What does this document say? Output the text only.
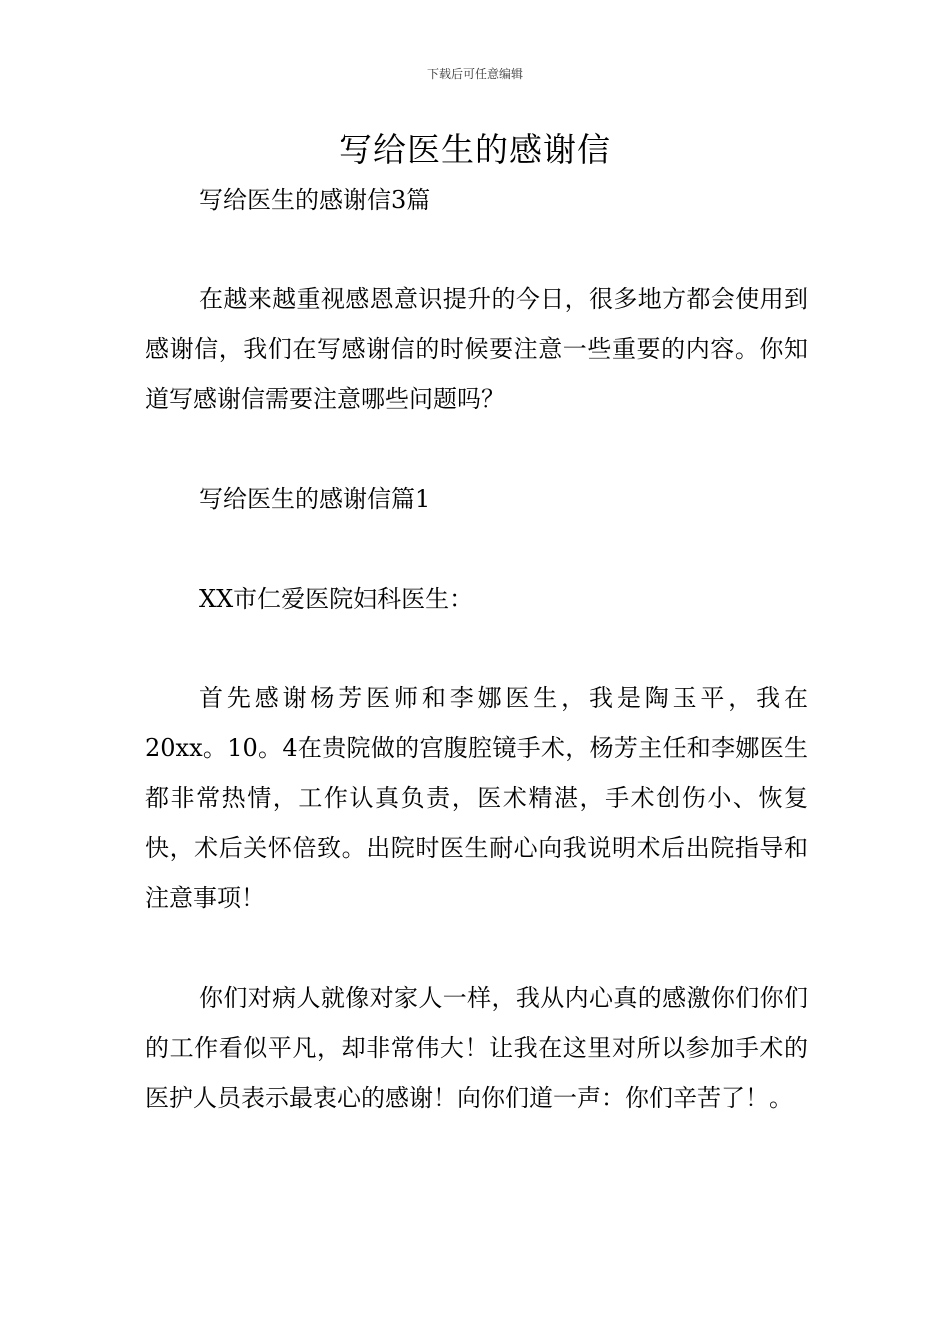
下载后可任意编辑
写给医生的感谢信

写给医生的感谢信3篇

在越来越重视感恩意识提升的今日，很多地方都会使用到感谢信，我们在写感谢信的时候要注意一些重要的内容。你知道写感谢信需要注意哪些问题吗？

写给医生的感谢信篇1

XX市仁爱医院妇科医生：

首先感谢杨芳医师和李娜医生，我是陶玉平，我在20xx。10。4在贵院做的宫腹腔镜手术，杨芳主任和李娜医生都非常热情，工作认真负责，医术精湛，手术创伤小、恢复快，术后关怀倍致。出院时医生耐心向我说明术后出院指导和注意事项！

你们对病人就像对家人一样，我从内心真的感激你们你们的工作看似平凡，却非常伟大！让我在这里对所以参加手术的医护人员表示最衷心的感谢！向你们道一声：你们辛苦了！。
